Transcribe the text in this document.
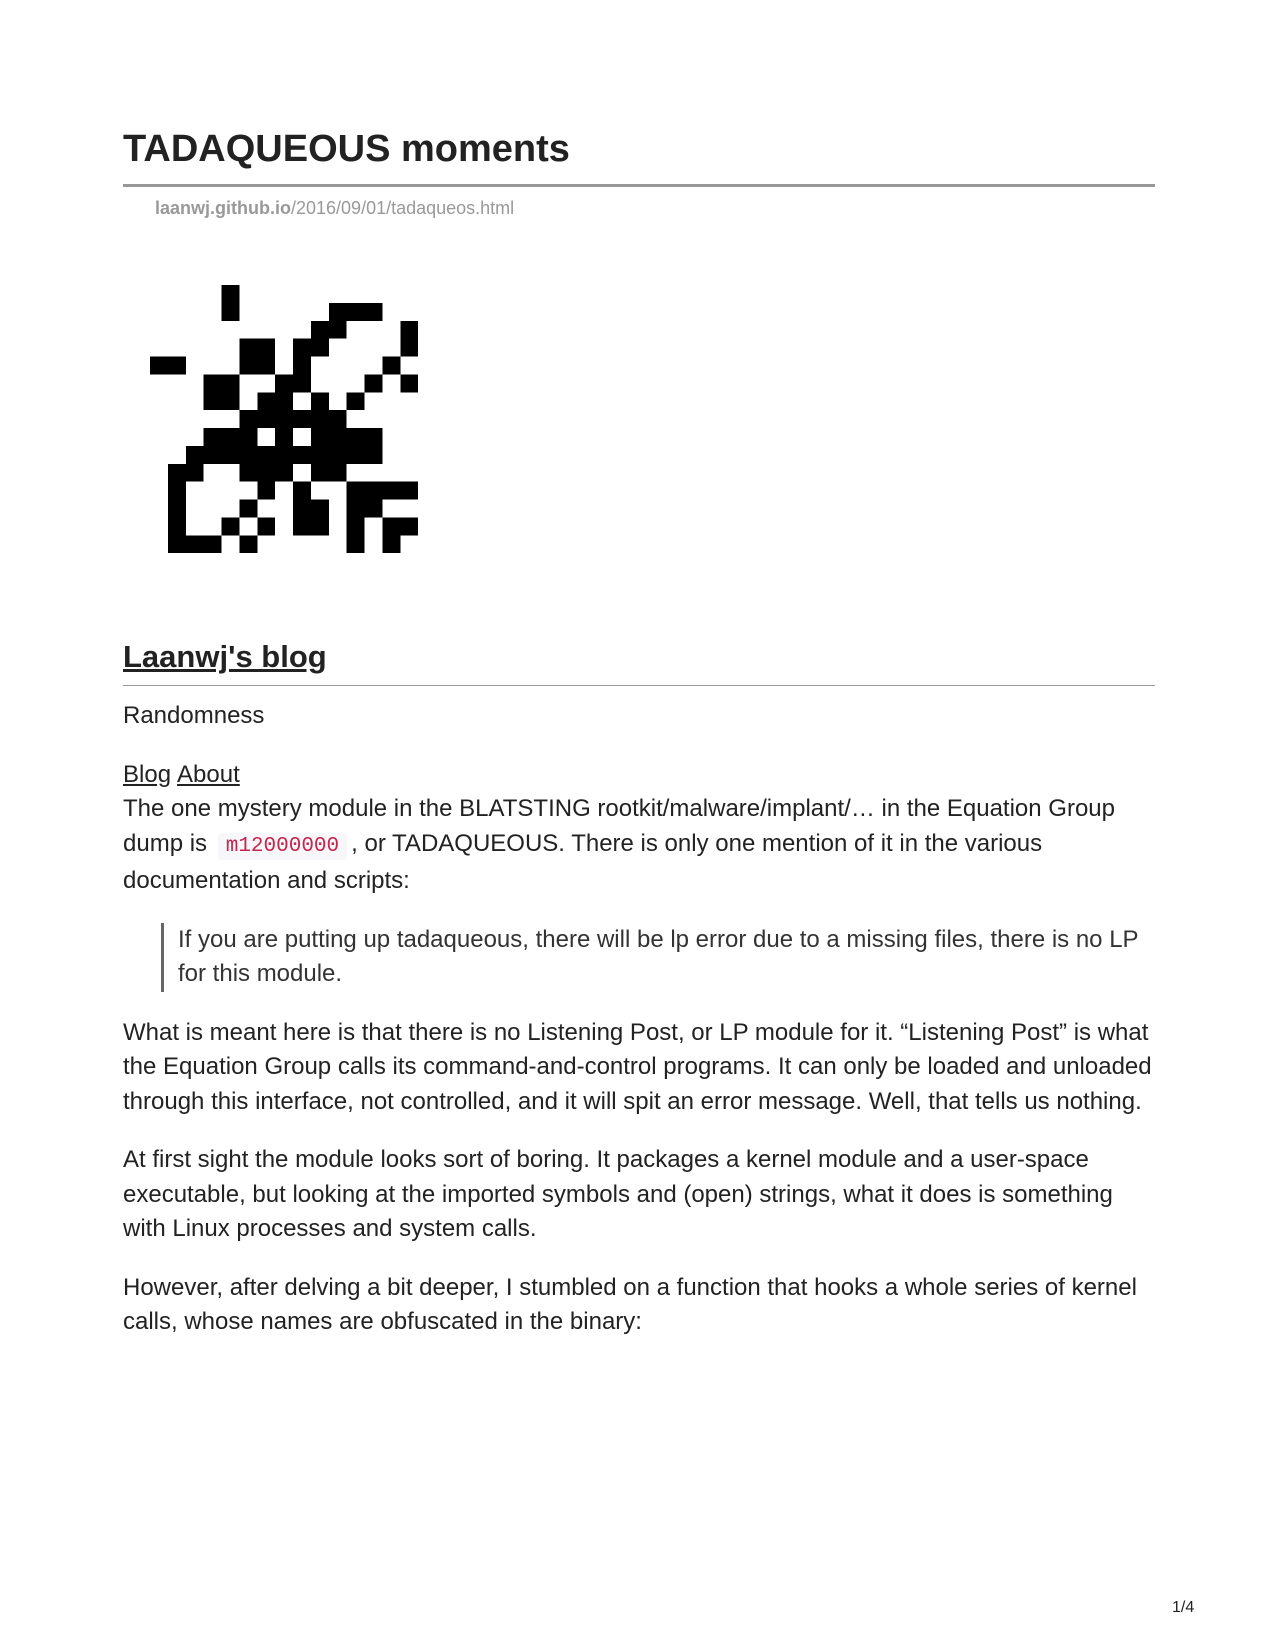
TADAQUEOUS moments
laanwj.github.io/2016/09/01/tadaqueos.html
Laanwj's blog
Randomness
Blog About

The one mystery module in the BLATSTING rootkit/malware/implant/… in the Equation Group dump is m12000000 , or TADAQUEOUS. There is only one mention of it in the various documentation and scripts:

If you are putting up tadaqueous, there will be lp error due to a missing files, there is no LP for this module.

What is meant here is that there is no Listening Post, or LP module for it. “Listening Post” is what the Equation Group calls its command-and-control programs. It can only be loaded and unloaded through this interface, not controlled, and it will spit an error message. Well, that tells us nothing.

At first sight the module looks sort of boring. It packages a kernel module and a user-space executable, but looking at the imported symbols and (open) strings, what it does is something with Linux processes and system calls.

However, after delving a bit deeper, I stumbled on a function that hooks a whole series of kernel calls, whose names are obfuscated in the binary:

1/4
